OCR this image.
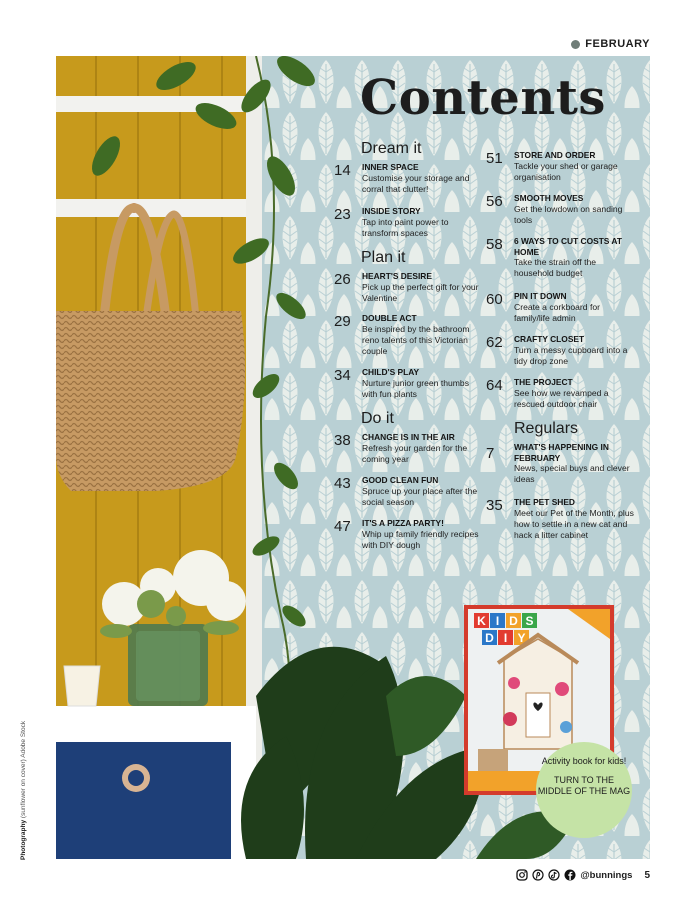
FEBRUARY
Photography (sunflower on cover) Adobe Stock
Contents
Dream it
14	INNER SPACE
Customise your storage and corral that clutter!
23	INSIDE STORY
Tap into paint power to transform spaces
Plan it
26	HEART'S DESIRE
Pick up the perfect gift for your Valentine
29	DOUBLE ACT
Be inspired by the bathroom reno talents of this Victorian couple
34	CHILD'S PLAY
Nurture junior green thumbs with fun plants
Do it
38	CHANGE IS IN THE AIR
Refresh your garden for the coming year
43	GOOD CLEAN FUN
Spruce up your place after the social season
47	IT'S A PIZZA PARTY!
Whip up family friendly recipes with DIY dough
51	STORE AND ORDER
Tackle your shed or garage organisation
56	SMOOTH MOVES
Get the lowdown on sanding tools
58	6 WAYS TO CUT COSTS AT HOME
Take the strain off the household budget
60	PIN IT DOWN
Create a corkboard for family/life admin
62	CRAFTY CLOSET
Turn a messy cupboard into a tidy drop zone
64	THE PROJECT
See how we revamped a rescued outdoor chair
Regulars
7	WHAT'S HAPPENING IN FEBRUARY
News, special buys and clever ideas
35	THE PET SHED
Meet our Pet of the Month, plus how to settle in a new cat and hack a litter cabinet
K I D S
D I Y
Activity book for kids!
TURN TO THE MIDDLE OF THE MAG
@bunnings 5
